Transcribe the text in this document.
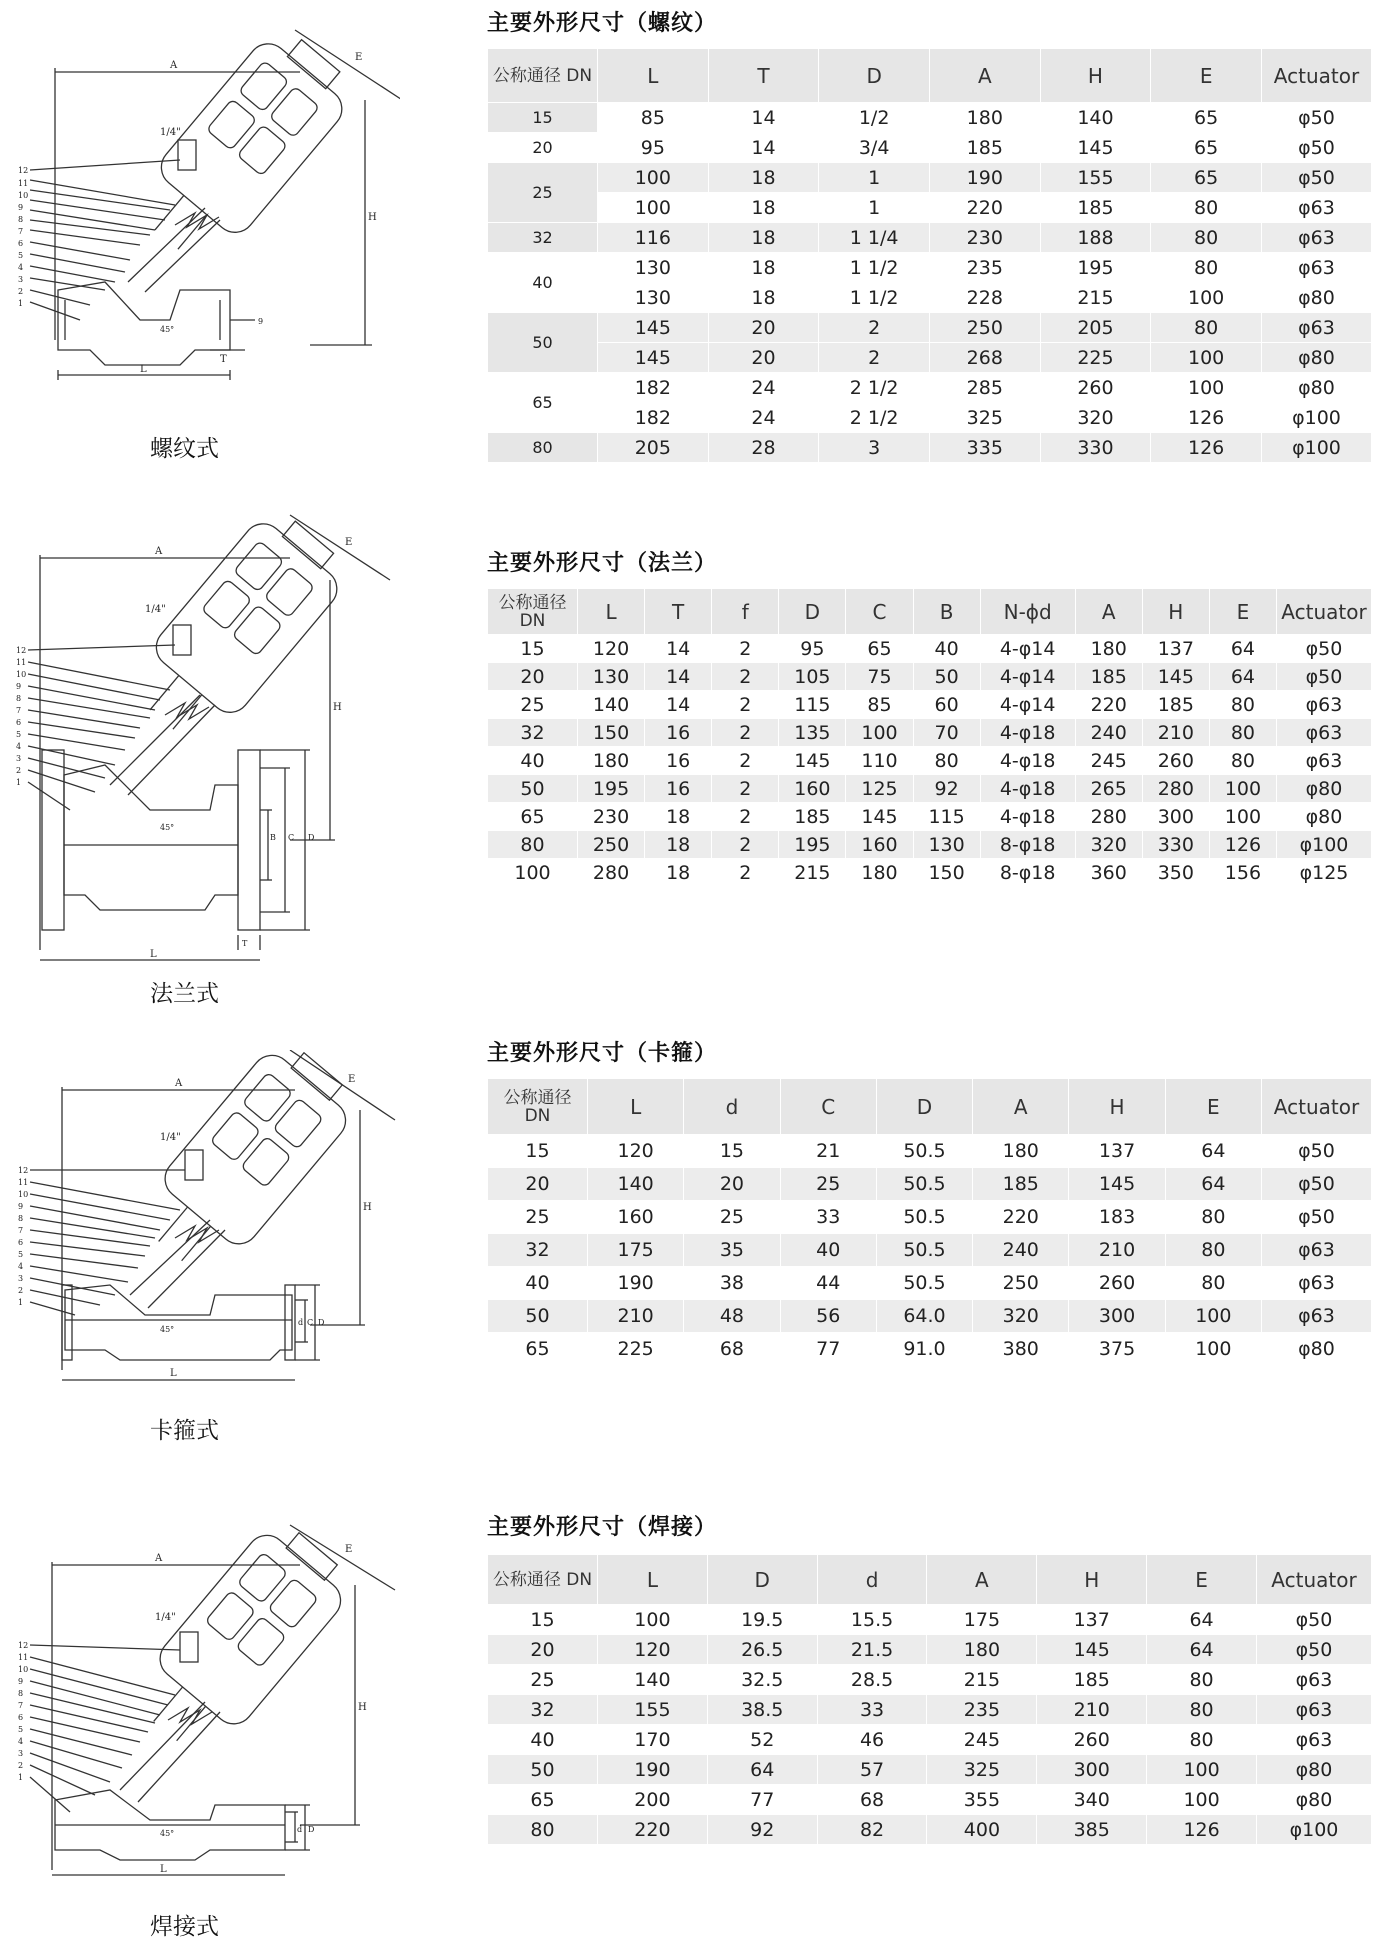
A
E
H
L
T
1/4"
45°
9
12
11
10
9
8
7
6
5
4
3
2
1
螺纹式
主要外形尺寸（螺纹）
公称通径 DN	L	T	D	A	H	E	Actuator
15	85	14	1/2	180	140	65	φ50
20	95	14	3/4	185	145	65	φ50
25	100	18	1	190	155	65	φ50
	100	18	1	220	185	80	φ63
32	116	18	1 1/4	230	188	80	φ63
40	130	18	1 1/2	235	195	80	φ63
	130	18	1 1/2	228	215	100	φ80
50	145	20	2	250	205	80	φ63
	145	20	2	268	225	100	φ80
65	182	24	2 1/2	285	260	100	φ80
	182	24	2 1/2	325	320	126	φ100
80	205	28	3	335	330	126	φ100
A
E
H
L
T
1/4"
45°
D
C
B
12
11
10
9
8
7
6
5
4
3
2
1
法兰式
主要外形尺寸（法兰）
公称通径 DN	L	T	f	D	C	B	N-ϕd	A	H	E	Actuator
15	120	14	2	95	65	40	4-φ14	180	137	64	φ50
20	130	14	2	105	75	50	4-φ14	185	145	64	φ50
25	140	14	2	115	85	60	4-φ14	220	185	80	φ63
32	150	16	2	135	100	70	4-φ18	240	210	80	φ63
40	180	16	2	145	110	80	4-φ18	245	260	80	φ63
50	195	16	2	160	125	92	4-φ18	265	280	100	φ80
65	230	18	2	185	145	115	4-φ18	280	300	100	φ80
80	250	18	2	195	160	130	8-φ18	320	330	126	φ100
100	280	18	2	215	180	150	8-φ18	360	350	156	φ125
A	E
H
L
1/4"
45°
d C D
12
11
10
9
8
7
6
5
4
3
2
1
卡箍式
主要外形尺寸（卡箍）
公称通径 DN	L	d	C	D	A	H	E	Actuator
15	120	15	21	50.5	180	137	64	φ50
20	140	20	25	50.5	185	145	64	φ50
25	160	25	33	50.5	220	183	80	φ50
32	175	35	40	50.5	240	210	80	φ63
40	190	38	44	50.5	250	260	80	φ63
50	210	48	56	64.0	320	300	100	φ63
65	225	68	77	91.0	380	375	100	φ80
A
E
H
L
1/4"
45°	d D
12
11
10
9
8
7
6
5
4
3
2
1
焊接式
主要外形尺寸（焊接）
公称通径 DN	L	D	d	A	H	E	Actuator
15	100	19.5	15.5	175	137	64	φ50
20	120	26.5	21.5	180	145	64	φ50
25	140	32.5	28.5	215	185	80	φ63
32	155	38.5	33	235	210	80	φ63
40	170	52	46	245	260	80	φ63
50	190	64	57	325	300	100	φ80
65	200	77	68	355	340	100	φ80
80	220	92	82	400	385	126	φ100
